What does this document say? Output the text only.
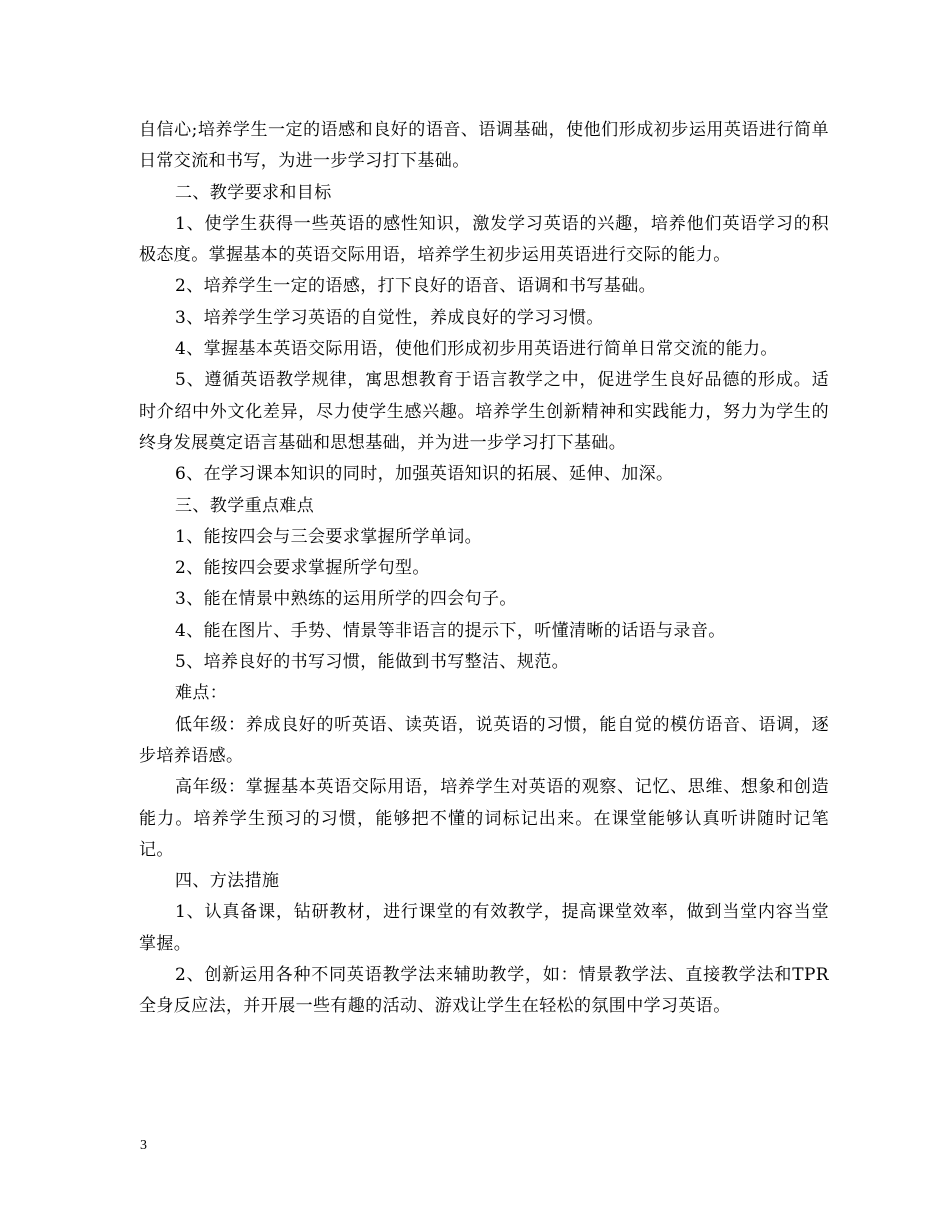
自信心;培养学生一定的语感和良好的语音、语调基础，使他们形成初步运用英语进行简单日常交流和书写，为进一步学习打下基础。

二、教学要求和目标

1、使学生获得一些英语的感性知识，激发学习英语的兴趣，培养他们英语学习的积极态度。掌握基本的英语交际用语，培养学生初步运用英语进行交际的能力。

2、培养学生一定的语感，打下良好的语音、语调和书写基础。

3、培养学生学习英语的自觉性，养成良好的学习习惯。

4、掌握基本英语交际用语，使他们形成初步用英语进行简单日常交流的能力。

5、遵循英语教学规律，寓思想教育于语言教学之中，促进学生良好品德的形成。适时介绍中外文化差异，尽力使学生感兴趣。培养学生创新精神和实践能力，努力为学生的终身发展奠定语言基础和思想基础，并为进一步学习打下基础。

6、在学习课本知识的同时，加强英语知识的拓展、延伸、加深。

三、教学重点难点

1、能按四会与三会要求掌握所学单词。

2、能按四会要求掌握所学句型。

3、能在情景中熟练的运用所学的四会句子。

4、能在图片、手势、情景等非语言的提示下，听懂清晰的话语与录音。

5、培养良好的书写习惯，能做到书写整洁、规范。

难点：

低年级：养成良好的听英语、读英语，说英语的习惯，能自觉的模仿语音、语调，逐步培养语感。

高年级：掌握基本英语交际用语，培养学生对英语的观察、记忆、思维、想象和创造能力。培养学生预习的习惯，能够把不懂的词标记出来。在课堂能够认真听讲随时记笔记。

四、方法措施

1、认真备课，钻研教材，进行课堂的有效教学，提高课堂效率，做到当堂内容当堂掌握。

2、创新运用各种不同英语教学法来辅助教学，如：情景教学法、直接教学法和TPR全身反应法，并开展一些有趣的活动、游戏让学生在轻松的氛围中学习英语。

3
